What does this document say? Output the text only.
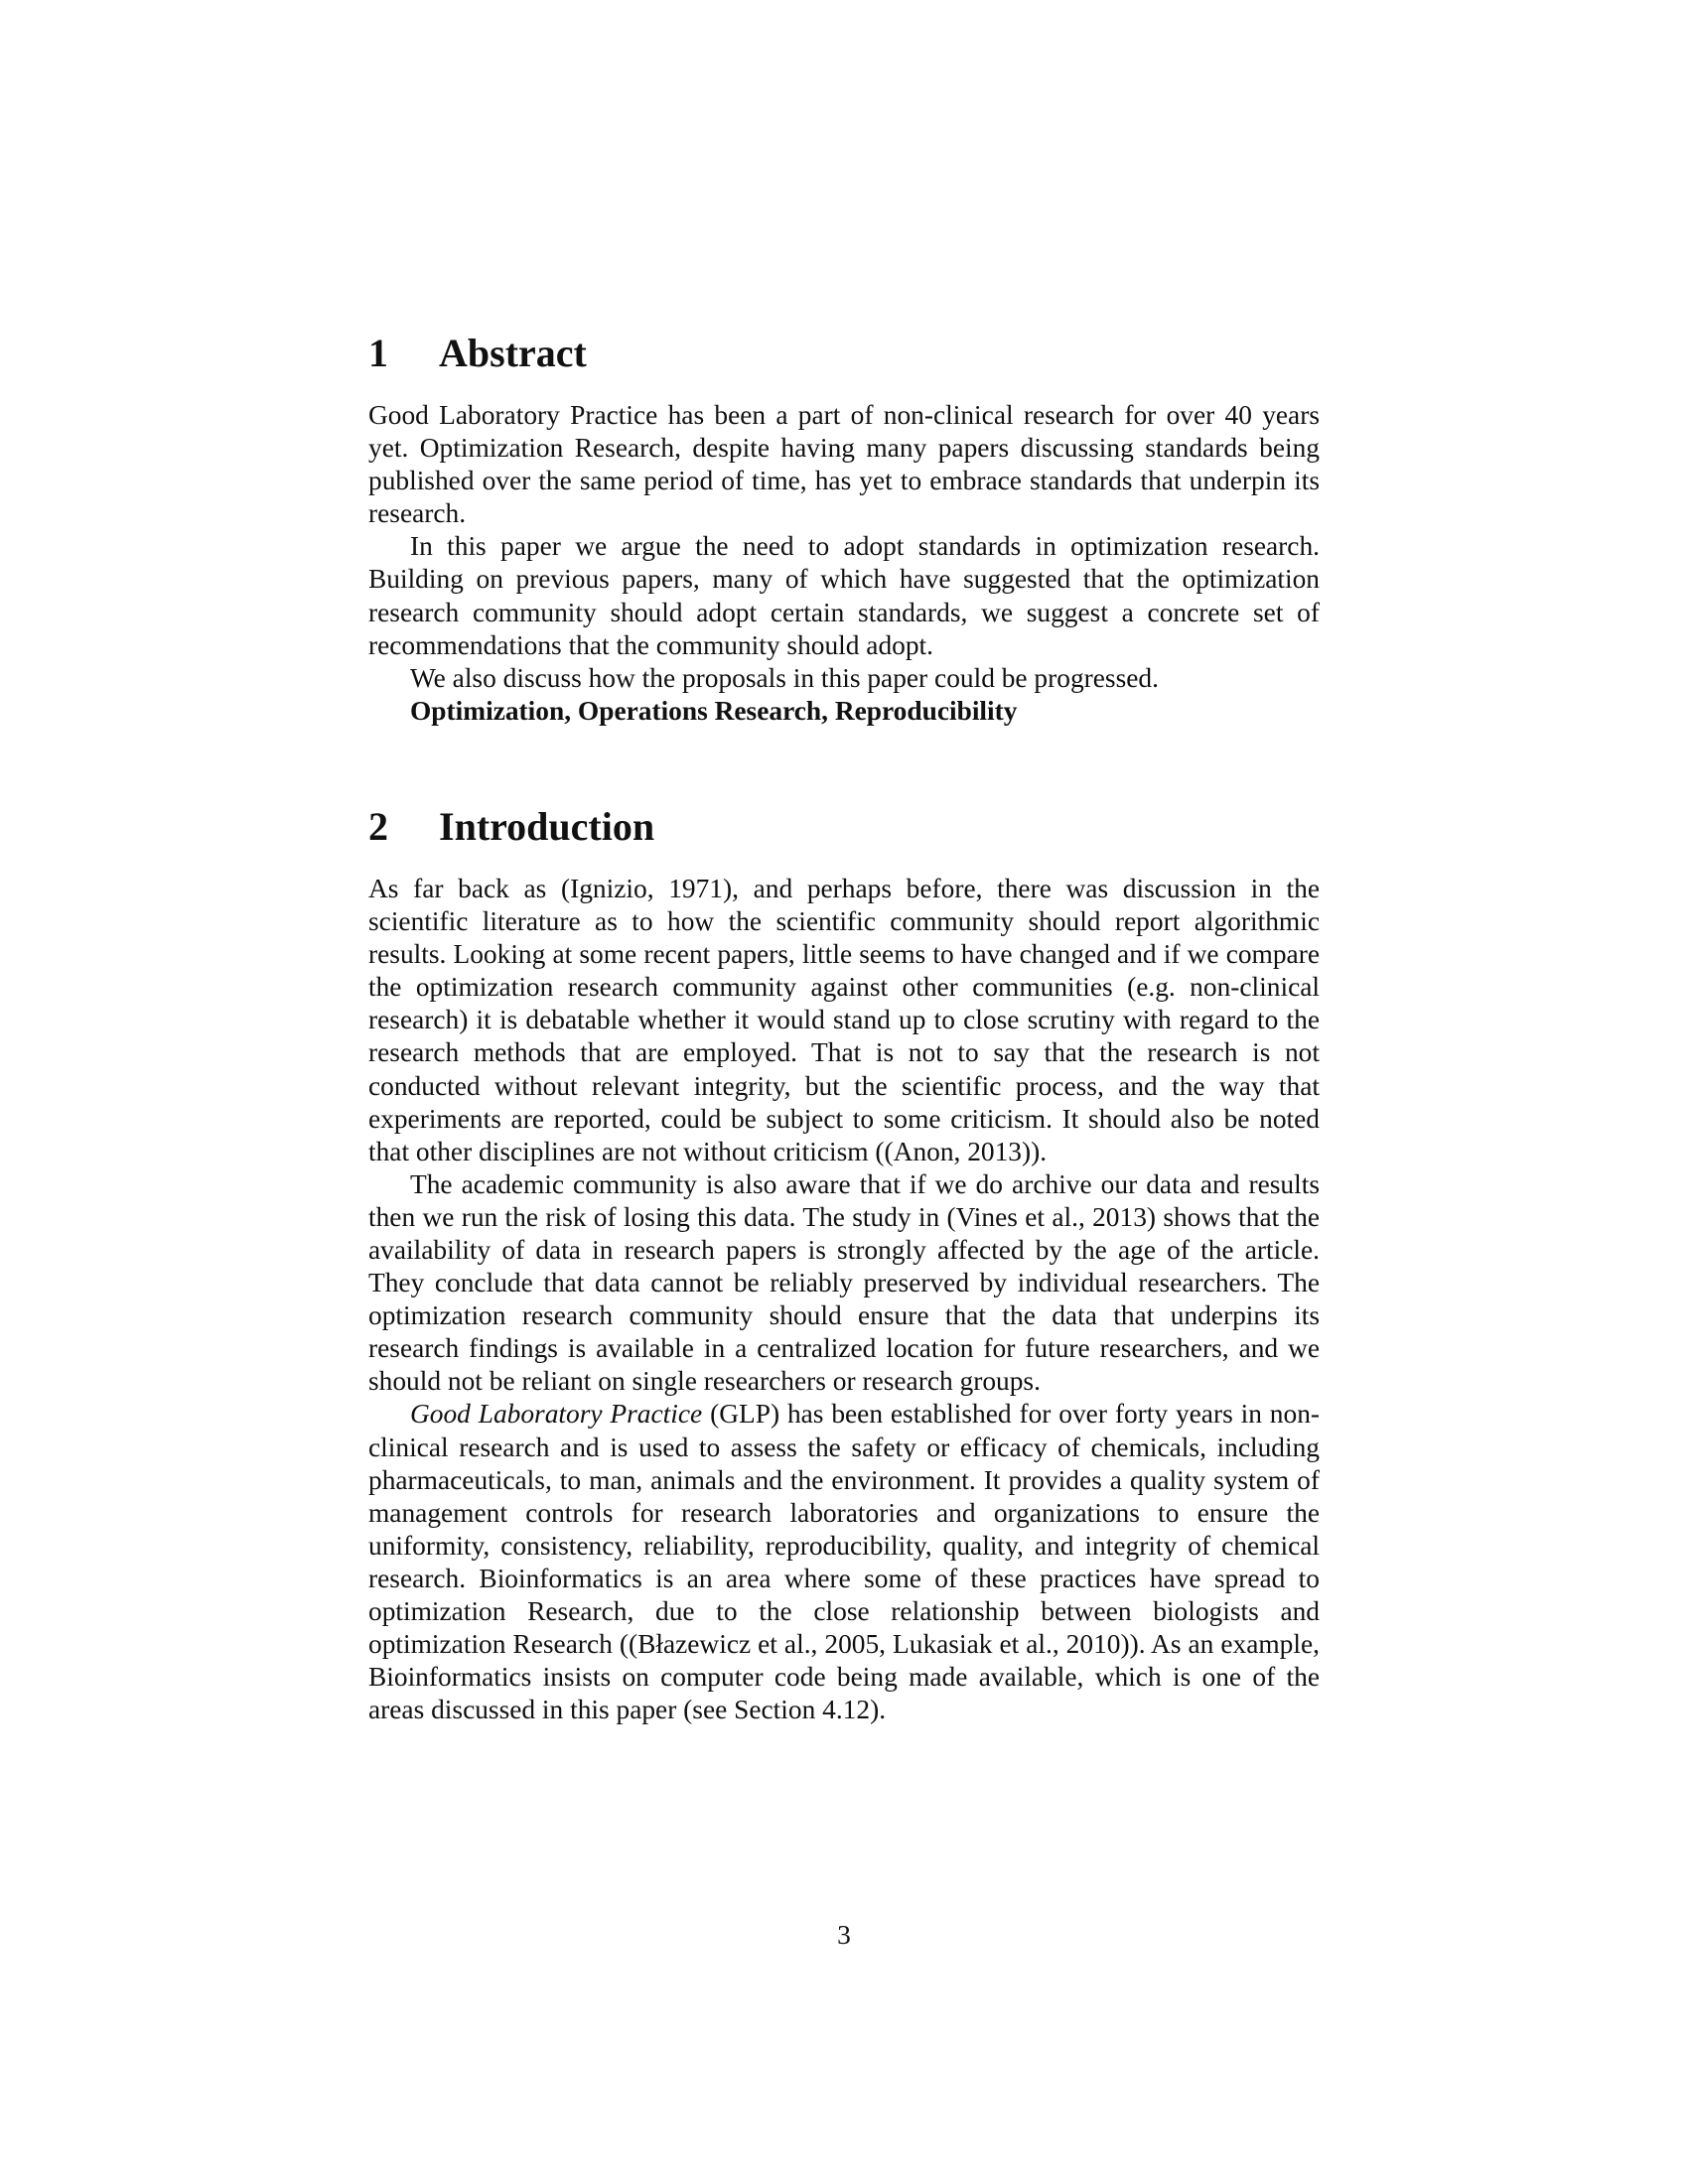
1	Abstract

Good Laboratory Practice has been a part of non-clinical research for over 40 years yet. Optimization Research, despite having many papers discussing standards being published over the same period of time, has yet to embrace standards that underpin its research.

In this paper we argue the need to adopt standards in optimization research. Building on previous papers, many of which have suggested that the optimization research community should adopt certain standards, we suggest a concrete set of recommendations that the community should adopt.

We also discuss how the proposals in this paper could be progressed.

Optimization, Operations Research, Reproducibility

2	Introduction

As far back as (Ignizio, 1971), and perhaps before, there was discussion in the scientific literature as to how the scientific community should report algorithmic results. Looking at some recent papers, little seems to have changed and if we compare the optimization research community against other communities (e.g. non-clinical research) it is debatable whether it would stand up to close scrutiny with regard to the research methods that are employed. That is not to say that the research is not conducted without relevant integrity, but the scientific process, and the way that experiments are reported, could be subject to some criticism. It should also be noted that other disciplines are not without criticism ((Anon, 2013)).

The academic community is also aware that if we do archive our data and results then we run the risk of losing this data. The study in (Vines et al., 2013) shows that the availability of data in research papers is strongly affected by the age of the article. They conclude that data cannot be reliably preserved by individual researchers. The optimization research community should ensure that the data that underpins its research findings is available in a centralized location for future researchers, and we should not be reliant on single researchers or research groups.

Good Laboratory Practice (GLP) has been established for over forty years in non-clinical research and is used to assess the safety or efficacy of chemicals, including pharmaceuticals, to man, animals and the environment. It provides a quality system of management controls for research laboratories and organizations to ensure the uniformity, consistency, reliability, reproducibility, quality, and integrity of chemical research. Bioinformatics is an area where some of these practices have spread to optimization Research, due to the close relationship between biologists and optimization Research ((Błazewicz et al., 2005, Lukasiak et al., 2010)). As an example, Bioinformatics insists on computer code being made available, which is one of the areas discussed in this paper (see Section 4.12).

3
